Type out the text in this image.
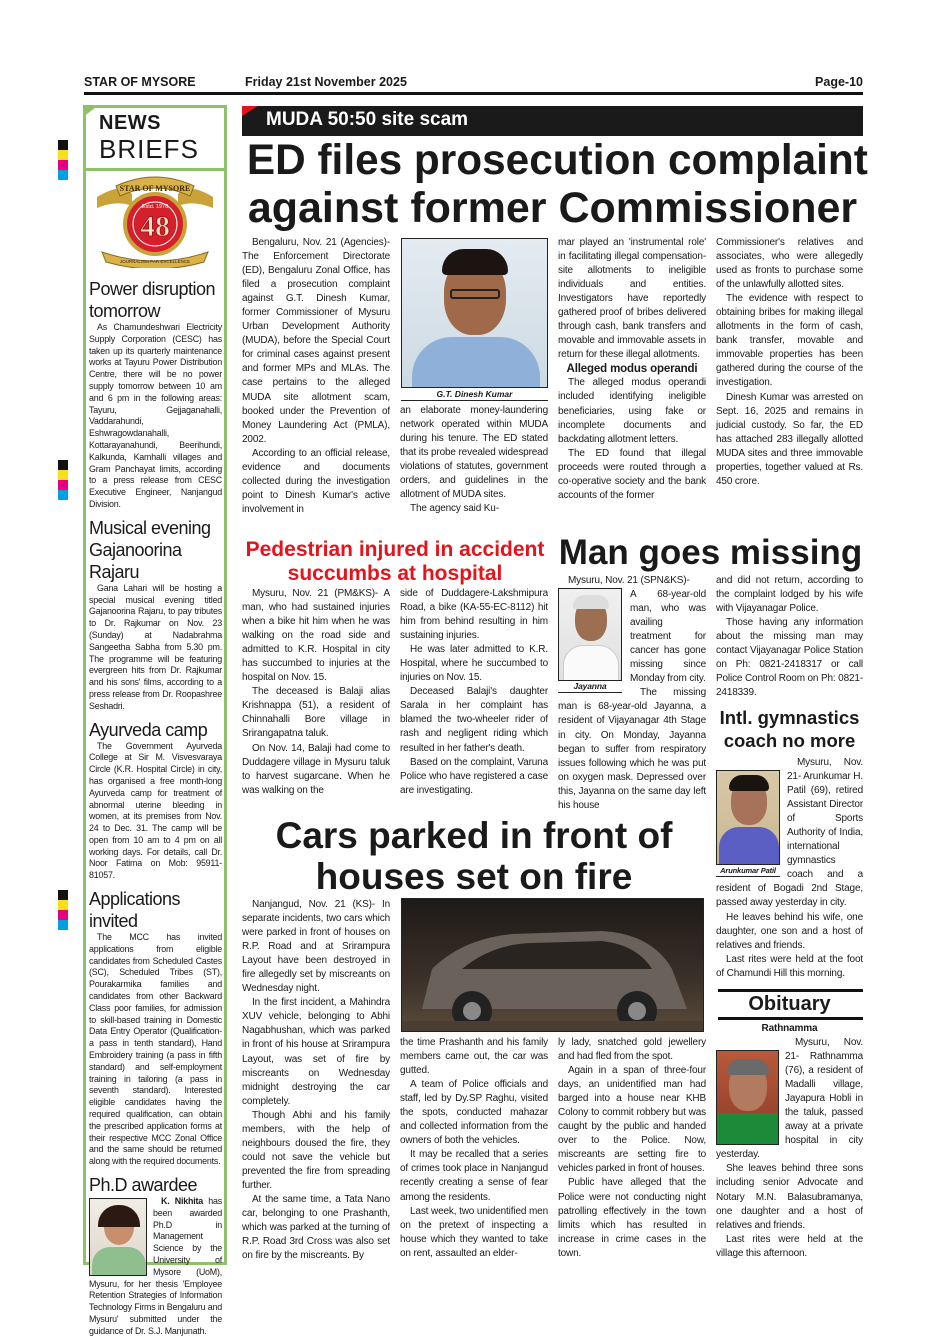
STAR OF MYSORE	Friday 21st November 2025	Page-10
NEWS
BRIEFS
48
Estd. 1978
STAR OF MYSORE
JOURNALISM PAR EXCELLENCE
Power disruption tomorrow

As Chamundeshwari Electricity Supply Corporation (CESC) has taken up its quarterly maintenance works at Tayuru Power Distribution Centre, there will be no power supply tomorrow between 10 am and 6 pm in the following areas: Tayuru, Gejjaganahalli, Vaddarahundi, Eshwragowdanahalli, Kottarayanahundi, Beerihundi, Kalkunda, Kamhalli villages and Gram Panchayat limits, according to a press release from CESC Executive Engineer, Nanjangud Division.

Musical evening
Gajanoorina Rajaru

Gana Lahari will be hosting a special musical evening titled Gajanoorina Rajaru, to pay tributes to Dr. Rajkumar on Nov. 23 (Sunday) at Nadabrahma Sangeetha Sabha from 5.30 pm. The programme will be featuring evergreen hits from Dr. Rajkumar and his sons' films, according to a press release from Dr. Roopashree Seshadri.

Ayurveda camp

The Government Ayurveda College at Sir M. Visvesvaraya Circle (K.R. Hospital Circle) in city, has organised a free month-long Ayurveda camp for treatment of abnormal uterine bleeding in women, at its premises from Nov. 24 to Dec. 31. The camp will be open from 10 am to 4 pm on all working days. For details, call Dr. Noor Fatima on Mob: 95911-81057.

Applications invited

The MCC has invited applications from eligible candidates from Scheduled Castes (SC), Scheduled Tribes (ST), Pourakarmika families and candidates from other Backward Class poor families, for admission to skill-based training in Domestic Data Entry Operator (Qualification-a pass in tenth standard), Hand Embroidery training (a pass in fifth standard) and self-employment training in tailoring (a pass in seventh standard). Interested eligible candidates having the required qualification, can obtain the prescribed application forms at their respective MCC Zonal Office and the same should be returned along with the required documents.

Ph.D awardee

K. Nikhita has been awarded Ph.D in Management Science by the University of Mysore (UoM), Mysuru, for her thesis 'Employee Retention Strategies of Information Technology Firms in Bengaluru and Mysuru' submitted under the guidance of Dr. S.J. Manjunath.

MUDA 50:50 site scam
ED files prosecution complaint
against former Commissioner

Bengaluru, Nov. 21 (Agencies)- The Enforcement Directorate (ED), Bengaluru Zonal Office, has filed a prosecution complaint against G.T. Dinesh Kumar, former Commissioner of Mysuru Urban Development Authority (MUDA), before the Special Court for criminal cases against present and former MPs and MLAs. The case pertains to the alleged MUDA site allotment scam, booked under the Prevention of Money Laundering Act (PMLA), 2002.

According to an official release, evidence and documents collected during the investigation point to Dinesh Kumar's active involvement in

G.T. Dinesh Kumar

an elaborate money-laundering network operated within MUDA during his tenure. The ED stated that its probe revealed widespread violations of statutes, government orders, and guidelines in the allotment of MUDA sites.

The agency said Ku-

mar played an 'instrumental role' in facilitating illegal compensation-site allotments to ineligible individuals and entities. Investigators have reportedly gathered proof of bribes delivered through cash, bank transfers and movable and immovable assets in return for these illegal allotments.

Alleged modus operandi

The alleged modus operandi included identifying ineligible beneficiaries, using fake or incomplete documents and backdating allotment letters.

The ED found that illegal proceeds were routed through a co-operative society and the bank accounts of the former

Commissioner's relatives and associates, who were allegedly used as fronts to purchase some of the unlawfully allotted sites.

The evidence with respect to obtaining bribes for making illegal allotments in the form of cash, bank transfer, movable and immovable properties has been gathered during the course of the investigation.

Dinesh Kumar was arrested on Sept. 16, 2025 and remains in judicial custody. So far, the ED has attached 283 illegally allotted MUDA sites and three immovable properties, together valued at Rs. 450 crore.

Pedestrian injured in accident
succumbs at hospital

Mysuru, Nov. 21 (PM&KS)- A man, who had sustained injuries when a bike hit him when he was walking on the road side and admitted to K.R. Hospital in city has succumbed to injuries at the hospital on Nov. 15.

The deceased is Balaji alias Krishnappa (51), a resident of Chinnahalli Bore village in Srirangapatna taluk.

On Nov. 14, Balaji had come to Duddagere village in Mysuru taluk to harvest sugarcane. When he was walking on the

side of Duddagere-Lakshmipura Road, a bike (KA-55-EC-8112) hit him from behind resulting in him sustaining injuries.

He was later admitted to K.R. Hospital, where he succumbed to injuries on Nov. 15.

Deceased Balaji's daughter Sarala in her complaint has blamed the two-wheeler rider of rash and negligent riding which resulted in her father's death.

Based on the complaint, Varuna Police who have registered a case are investigating.

Man goes missing

Mysuru, Nov. 21 (SPN&KS)-

Jayanna

A 68-year-old man, who was availing treatment for cancer has gone missing since Monday from city.

The missing man is 68-year-old Jayanna, a resident of Vijayanagar 4th Stage in city. On Monday, Jayanna began to suffer from respiratory issues following which he was put on oxygen mask. Depressed over this, Jayanna on the same day left his house

and did not return, according to the complaint lodged by his wife with Vijayanagar Police.

Those having any information about the missing man may contact Vijayanagar Police Station on Ph: 0821-2418317 or call Police Control Room on Ph: 0821-2418339.

Intl. gymnastics
coach no more
Arunkumar Patil

Mysuru, Nov. 21- Arunkumar H. Patil (69), retired Assistant Director of Sports Authority of India, international gymnastics coach and a resident of Bogadi 2nd Stage, passed away yesterday in city.

He leaves behind his wife, one daughter, one son and a host of relatives and friends.

Last rites were held at the foot of Chamundi Hill this morning.

Obituary
Rathnamma

Mysuru, Nov. 21- Rathnamma (76), a resident of Madalli village, Jayapura Hobli in the taluk, passed away at a private hospital in city yesterday.

She leaves behind three sons including senior Advocate and Notary M.N. Balasubramanya, one daughter and a host of relatives and friends.

Last rites were held at the village this afternoon.

Cars parked in front of
houses set on fire

Nanjangud, Nov. 21 (KS)- In separate incidents, two cars which were parked in front of houses on R.P. Road and at Srirampura Layout have been destroyed in fire allegedly set by miscreants on Wednesday night.

In the first incident, a Mahindra XUV vehicle, belonging to Abhi Nagabhushan, which was parked in front of his house at Srirampura Layout, was set of fire by miscreants on Wednesday midnight destroying the car completely.

Though Abhi and his family members, with the help of neighbours doused the fire, they could not save the vehicle but prevented the fire from spreading further.

At the same time, a Tata Nano car, belonging to one Prashanth, which was parked at the turning of R.P. Road 3rd Cross was also set on fire by the miscreants. By

the time Prashanth and his family members came out, the car was gutted.

A team of Police officials and staff, led by Dy.SP Raghu, visited the spots, conducted mahazar and collected information from the owners of both the vehicles.

It may be recalled that a series of crimes took place in Nanjangud recently creating a sense of fear among the residents.

Last week, two unidentified men on the pretext of inspecting a house which they wanted to take on rent, assaulted an elder-

ly lady, snatched gold jewellery and had fled from the spot.

Again in a span of three-four days, an unidentified man had barged into a house near KHB Colony to commit robbery but was caught by the public and handed over to the Police. Now, miscreants are setting fire to vehicles parked in front of houses.

Public have alleged that the Police were not conducting night patrolling effectively in the town limits which has resulted in increase in crime cases in the town.
